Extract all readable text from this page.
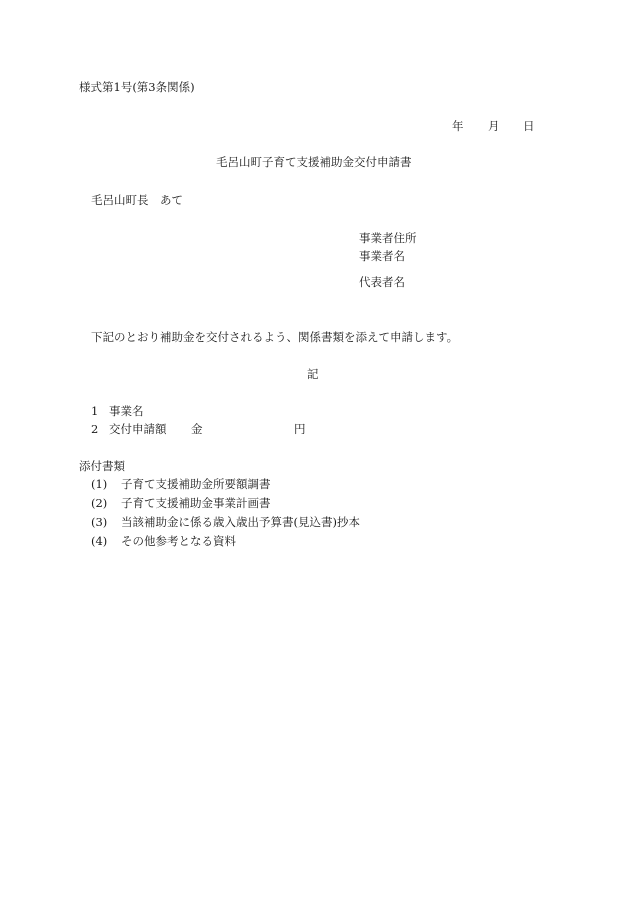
様式第1号(第3条関係)
年 月 日
毛呂山町子育て支援補助金交付申請書
毛呂山町長　あて
事業者住所
事業者名
代表者名
下記のとおり補助金を交付されるよう、関係書類を添えて申請します。
記
1 事業名
2 交付申請額 金	円
添付書類
(1) 子育て支援補助金所要額調書
(2) 子育て支援補助金事業計画書
(3) 当該補助金に係る歳入歳出予算書(見込書)抄本
(4) その他参考となる資料
